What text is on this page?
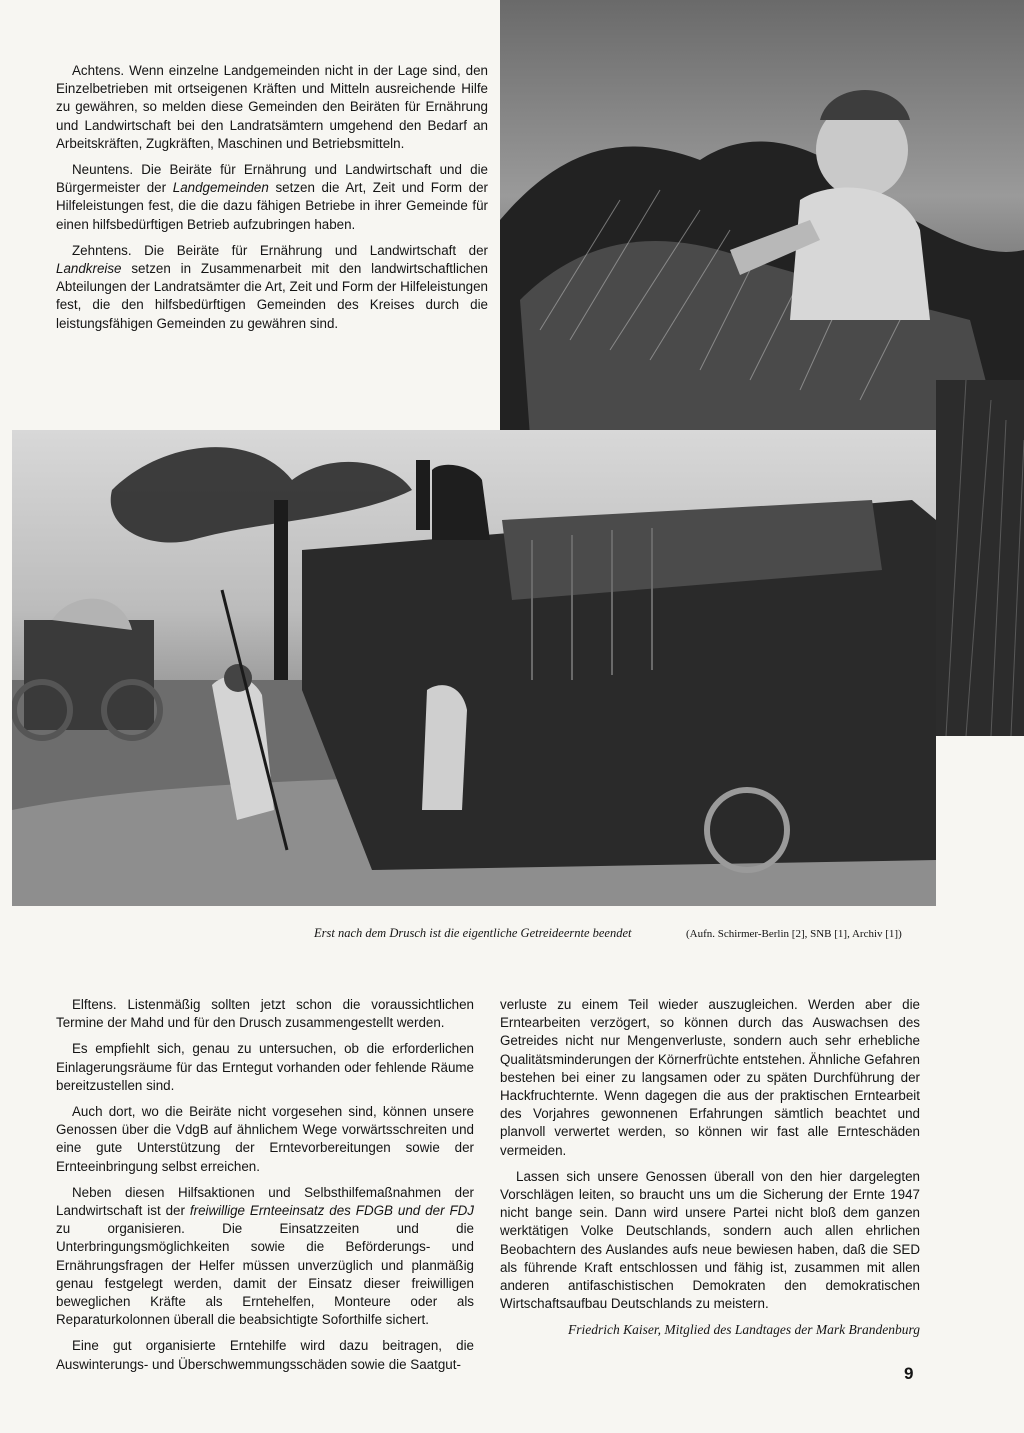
Achtens. Wenn einzelne Landgemeinden nicht in der Lage sind, den Einzelbetrieben mit ortseigenen Kräften und Mitteln ausreichende Hilfe zu gewähren, so melden diese Gemeinden den Beiräten für Ernährung und Landwirtschaft bei den Landratsämtern umgehend den Bedarf an Arbeitskräften, Zugkräften, Maschinen und Betriebsmitteln.

Neuntens. Die Beiräte für Ernährung und Landwirtschaft und die Bürgermeister der Landgemeinden setzen die Art, Zeit und Form der Hilfeleistungen fest, die die dazu fähigen Betriebe in ihrer Gemeinde für einen hilfsbedürftigen Betrieb aufzubringen haben.

Zehntens. Die Beiräte für Ernährung und Landwirtschaft der Landkreise setzen in Zusammenarbeit mit den landwirtschaftlichen Abteilungen der Landratsämter die Art, Zeit und Form der Hilfeleistungen fest, die den hilfsbedürftigen Gemeinden des Kreises durch die leistungsfähigen Gemeinden zu gewähren sind.

Erst nach dem Drusch ist die eigentliche Getreideernte beendet	(Aufn. Schirmer-Berlin [2], SNB [1], Archiv [1])

Elftens. Listenmäßig sollten jetzt schon die voraussichtlichen Termine der Mahd und für den Drusch zusammengestellt werden.

Es empfiehlt sich, genau zu untersuchen, ob die erforderlichen Einlagerungsräume für das Erntegut vorhanden oder fehlende Räume bereitzustellen sind.

Auch dort, wo die Beiräte nicht vorgesehen sind, können unsere Genossen über die VdgB auf ähnlichem Wege vorwärtsschreiten und eine gute Unterstützung der Erntevorbereitungen sowie der Ernteeinbringung selbst erreichen.

Neben diesen Hilfsaktionen und Selbsthilfemaßnahmen der Landwirtschaft ist der freiwillige Ernteeinsatz des FDGB und der FDJ zu organisieren. Die Einsatzzeiten und die Unterbringungsmöglichkeiten sowie die Beförderungs- und Ernährungsfragen der Helfer müssen unverzüglich und planmäßig genau festgelegt werden, damit der Einsatz dieser freiwilligen beweglichen Kräfte als Erntehelfen, Monteure oder als Reparaturkolonnen überall die beabsichtigte Soforthilfe sichert.

Eine gut organisierte Erntehilfe wird dazu beitragen, die Auswinterungs- und Überschwemmungsschäden sowie die Saatgut-

verluste zu einem Teil wieder auszugleichen. Werden aber die Erntearbeiten verzögert, so können durch das Auswachsen des Getreides nicht nur Mengenverluste, sondern auch sehr erhebliche Qualitätsminderungen der Körnerfrüchte entstehen. Ähnliche Gefahren bestehen bei einer zu langsamen oder zu späten Durchführung der Hackfruchternte. Wenn dagegen die aus der praktischen Erntearbeit des Vorjahres gewonnenen Erfahrungen sämtlich beachtet und planvoll verwertet werden, so können wir fast alle Ernteschäden vermeiden.

Lassen sich unsere Genossen überall von den hier dargelegten Vorschlägen leiten, so braucht uns um die Sicherung der Ernte 1947 nicht bange sein. Dann wird unsere Partei nicht bloß dem ganzen werktätigen Volke Deutschlands, sondern auch allen ehrlichen Beobachtern des Auslandes aufs neue bewiesen haben, daß die SED als führende Kraft entschlossen und fähig ist, zusammen mit allen anderen antifaschistischen Demokraten den demokratischen Wirtschaftsaufbau Deutschlands zu meistern.

Friedrich Kaiser, Mitglied des Landtages der Mark Brandenburg
9
